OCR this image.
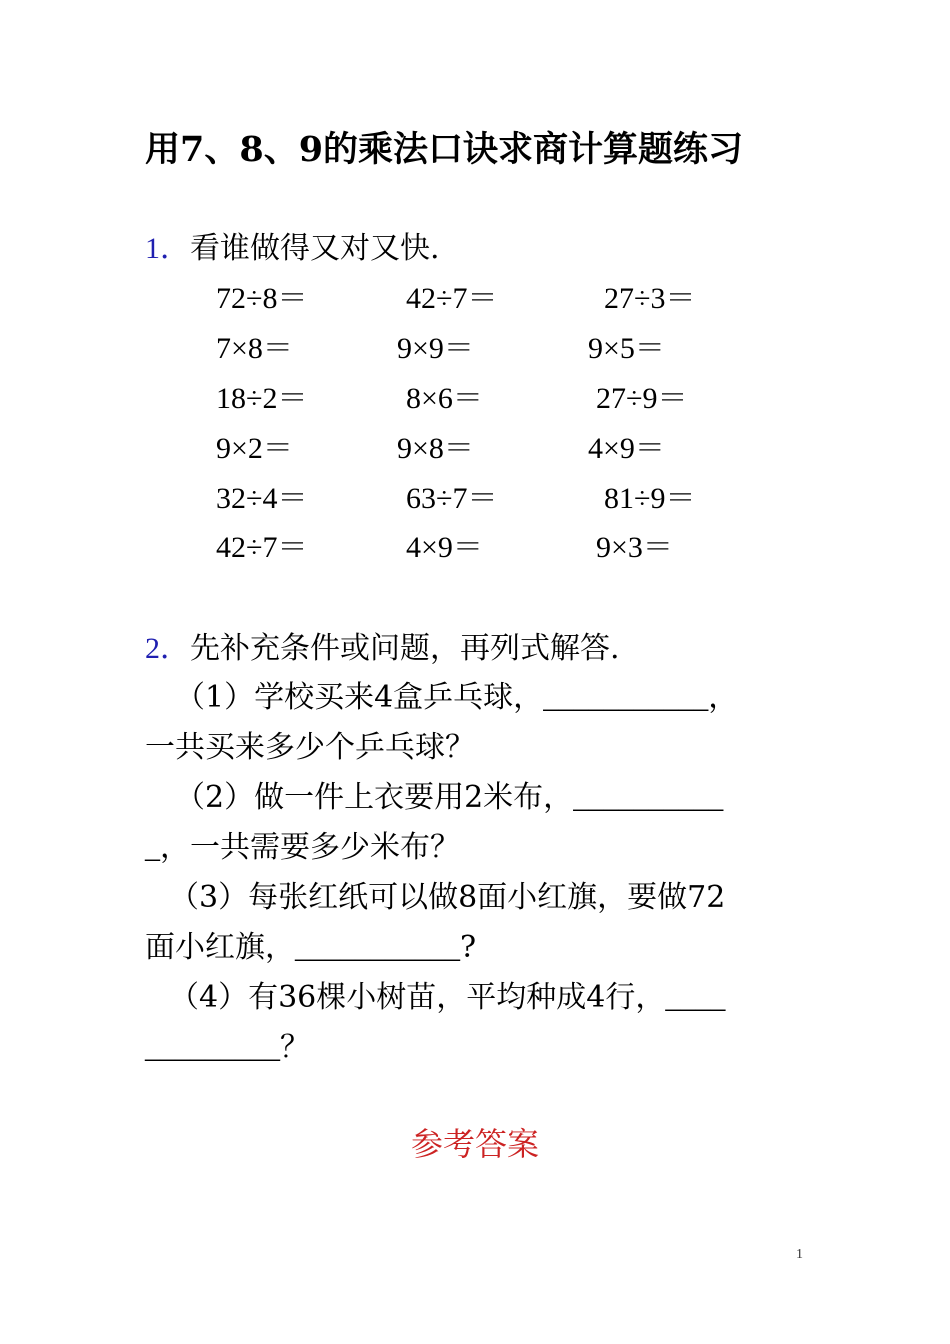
用7、8、9的乘法口诀求商计算题练习
1．看谁做得又对又快.
72÷8＝	42÷7＝	27÷3＝
7×8＝	9×9＝	9×5＝
18÷2＝	8×6＝	27÷9＝
9×2＝	9×8＝	4×9＝
32÷4＝	63÷7＝	81÷9＝
42÷7＝	4×9＝	9×3＝
2．先补充条件或问题，再列式解答.
（1）学校买来4盒乒乓球，___________，
一共买来多少个乒乓球？
（2）做一件上衣要用2米布，__________
_，一共需要多少米布？
（3）每张红纸可以做8面小红旗，要做72
面小红旗，___________?
（4）有36棵小树苗，平均种成4行，____
_________？
参考答案
1
